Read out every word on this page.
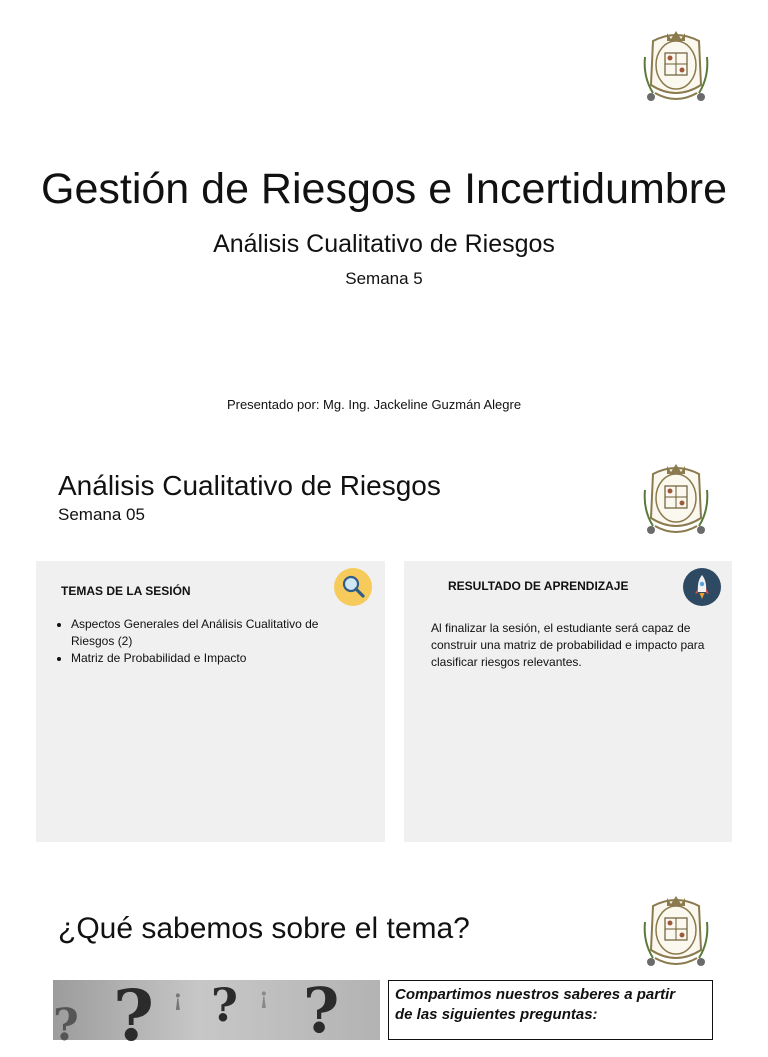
Gestión de Riesgos e Incertidumbre
Análisis Cualitativo de Riesgos
Semana 5
Presentado por: Mg. Ing. Jackeline Guzmán Alegre
Análisis Cualitativo de Riesgos
Semana 05
TEMAS DE LA SESIÓN
• Aspectos Generales del Análisis Cualitativo de Riesgos (2)
• Matriz de Probabilidad e Impacto
RESULTADO DE APRENDIZAJE

Al finalizar la sesión, el estudiante será capaz de construir una matriz de probabilidad e impacto para clasificar riesgos relevantes.

¿Qué sabemos sobre el tema?
? ? ¡ ? ¡ ?	Compartimos nuestros saberes a partir de las siguientes preguntas:
